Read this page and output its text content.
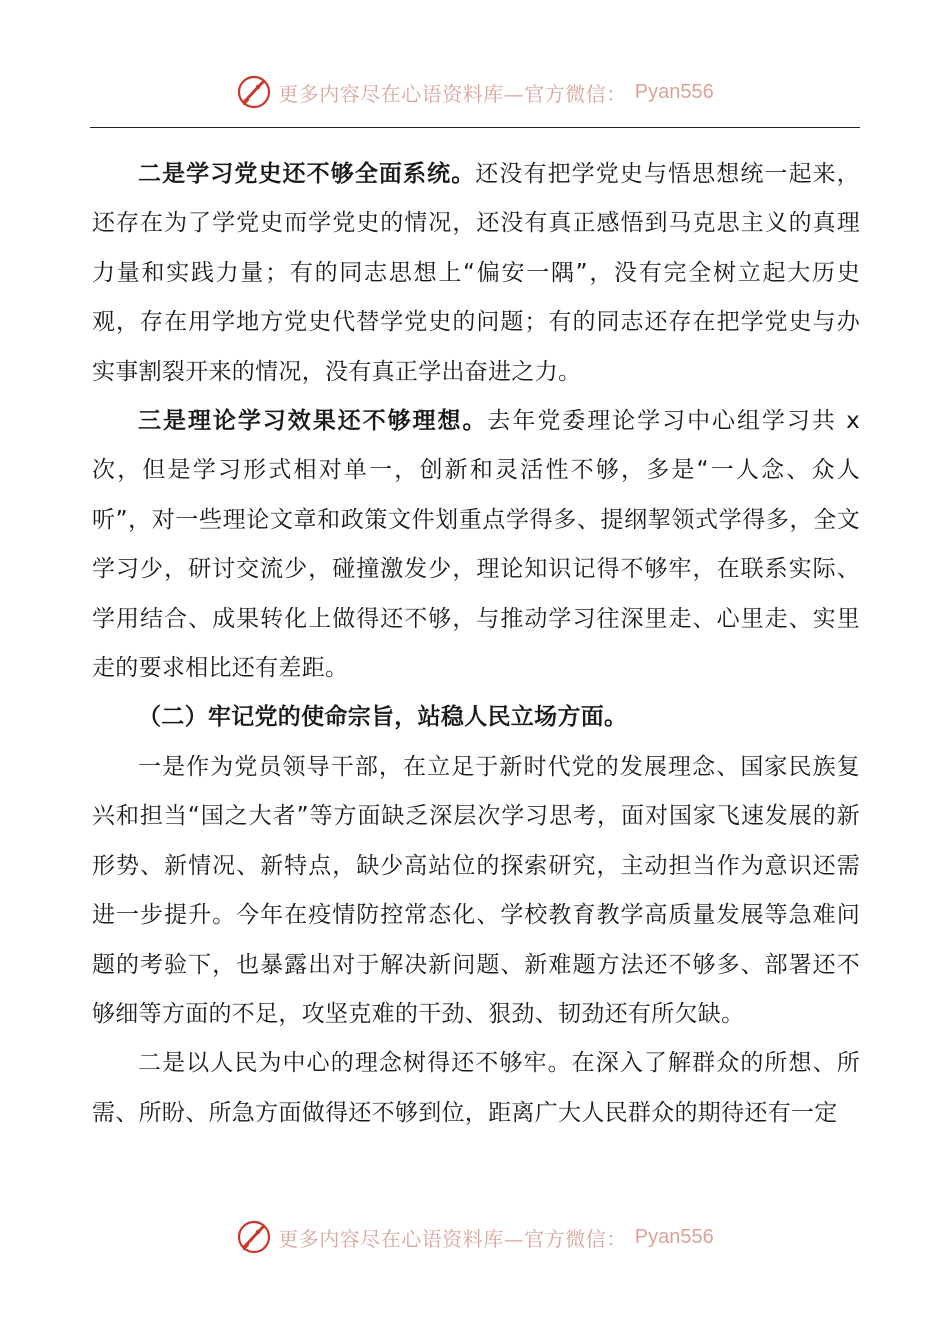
更多内容尽在心语资料库—官方微信： Pyan556

二是学习党史还不够全面系统。还没有把学党史与悟思想统一起来，还存在为了学党史而学党史的情况，还没有真正感悟到马克思主义的真理力量和实践力量；有的同志思想上“偏安一隅”，没有完全树立起大历史观，存在用学地方党史代替学党史的问题；有的同志还存在把学党史与办实事割裂开来的情况，没有真正学出奋进之力。

三是理论学习效果还不够理想。去年党委理论学习中心组学习共 x 次，但是学习形式相对单一，创新和灵活性不够，多是“一人念、众人听”，对一些理论文章和政策文件划重点学得多、提纲挈领式学得多，全文学习少，研讨交流少，碰撞激发少，理论知识记得不够牢，在联系实际、学用结合、成果转化上做得还不够，与推动学习往深里走、心里走、实里走的要求相比还有差距。

（二）牢记党的使命宗旨，站稳人民立场方面。

一是作为党员领导干部，在立足于新时代党的发展理念、国家民族复兴和担当“国之大者”等方面缺乏深层次学习思考，面对国家飞速发展的新形势、新情况、新特点，缺少高站位的探索研究，主动担当作为意识还需进一步提升。今年在疫情防控常态化、学校教育教学高质量发展等急难问题的考验下，也暴露出对于解决新问题、新难题方法还不够多、部署还不够细等方面的不足，攻坚克难的干劲、狠劲、韧劲还有所欠缺。

二是以人民为中心的理念树得还不够牢。在深入了解群众的所想、所需、所盼、所急方面做得还不够到位，距离广大人民群众的期待还有一定

更多内容尽在心语资料库—官方微信： Pyan556
